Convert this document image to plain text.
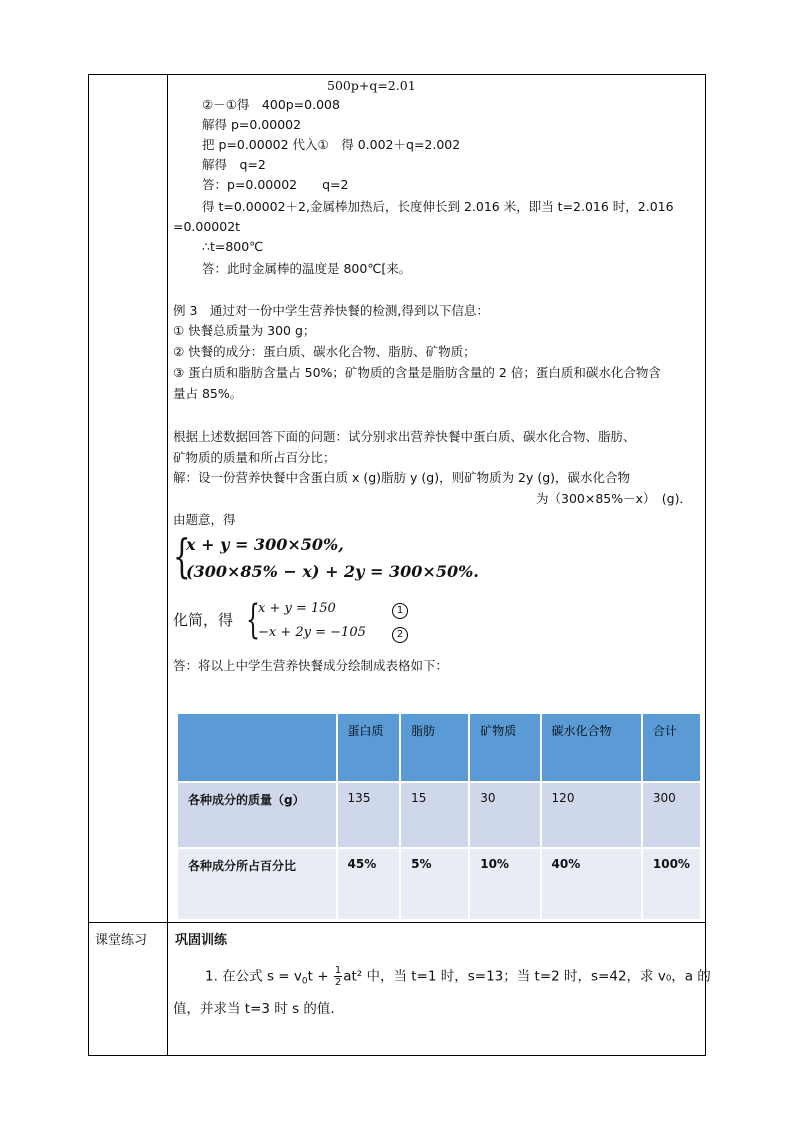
500p+q=2.01
②－①得　400p=0.008
解得 p=0.00002
把 p=0.00002 代入①　得 0.002＋q=2.002
解得　q=2
答：p=0.00002　　q=2
得 t=0.00002＋2,金属棒加热后，长度伸长到 2.016 米，即当 t=2.016 时，2.016
=0.00002t
∴t=800℃
答：此时金属棒的温度是 800℃[来。
例 3　通过对一份中学生营养快餐的检测,得到以下信息：
① 快餐总质量为 300 g；
② 快餐的成分：蛋白质、碳水化合物、脂肪、矿物质；
③ 蛋白质和脂肪含量占 50%；矿物质的含量是脂肪含量的 2 倍；蛋白质和碳水化合物含
量占 85%。
根据上述数据回答下面的问题：试分别求出营养快餐中蛋白质、碳水化合物、脂肪、
矿物质的质量和所占百分比；
解：设一份营养快餐中含蛋白质 x (g)脂肪 y (g)，则矿物质为 2y (g)，碳水化合物
为（300×85%－x）　(g)．
由题意，得
{
x + y = 300×50%,
(300×85% − x) + 2y = 300×50%.
化简，得 {
x + y = 150
−x + 2y = −105
1
2
答：将以上中学生营养快餐成分绘制成表格如下：
	蛋白质	脂肪	矿物质	碳水化合物	合计
各种成分的质量（g）	135	15	30	120	300
各种成分所占百分比	45%	5%	10%	40%	100%
课堂练习 巩固训练
1. 在公式 $s = v_0t + \frac{1}{2} at^2$ 中，当 t=1 时，s=13；当 t=2 时，s=42，求 v₀，a 的
值，并求当 t=3 时 s 的值．
